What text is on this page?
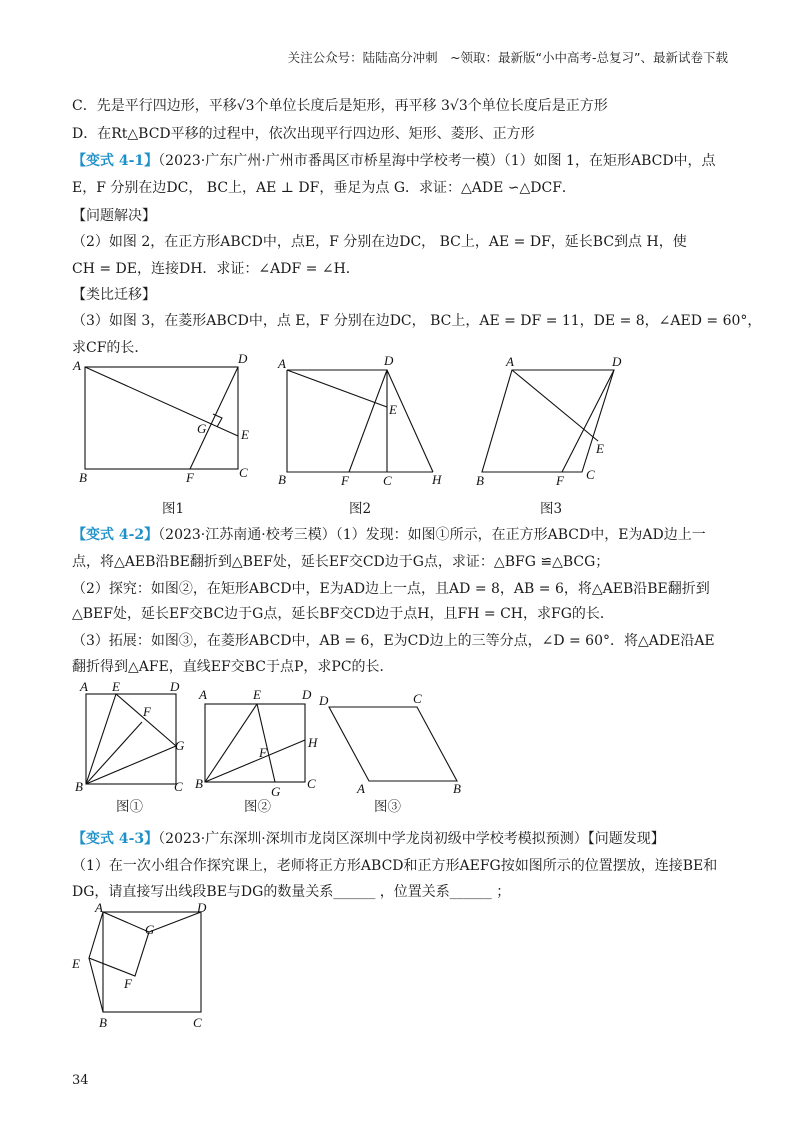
关注公众号：陆陆高分冲刺　~领取：最新版“小中高考-总复习”、最新试卷下载
C．先是平行四边形，平移√3个单位长度后是矩形，再平移 3√3个单位长度后是正方形
D．在Rt△BCD平移的过程中，依次出现平行四边形、矩形、菱形、正方形
【变式 4-1】（2023·广东广州·广州市番禺区市桥星海中学校考一模）（1）如图 1，在矩形ABCD中，点
E，F 分别在边DC， BC上，AE ⊥ DF，垂足为点 G．求证：△ADE ∽△DCF．
【问题解决】
（2）如图 2，在正方形ABCD中，点E，F 分别在边DC， BC上，AE = DF，延长BC到点 H，使
CH = DE，连接DH．求证：∠ADF = ∠H．
【类比迁移】
（3）如图 3，在菱形ABCD中，点 E，F 分别在边DC， BC上，AE = DF = 11，DE = 8，∠AED = 60°，
求CF的长．
A	D
B	C
E
F
G
图1
A	D
B	C
E
F	H
图2
A	D
B	C
E
F
图3
【变式 4-2】（2023·江苏南通·校考三模）（1）发现：如图①所示，在正方形ABCD中，E为AD边上一
点，将△AEB沿BE翻折到△BEF处，延长EF交CD边于G点，求证：△BFG ≌△BCG；
（2）探究：如图②，在矩形ABCD中，E为AD边上一点，且AD = 8，AB = 6，将△AEB沿BE翻折到
△BEF处，延长EF交BC边于G点，延长BF交CD边于点H，且FH = CH，求FG的长．
（3）拓展：如图③，在菱形ABCD中，AB = 6，E为CD边上的三等分点，∠D = 60°．将△ADE沿AE
翻折得到△AFE，直线EF交BC于点P，求PC的长．
A E	D
F
G
B	C
图①
A	E	D
H
F
B
G
C
图②
D	C
A	B
图③
【变式 4-3】（2023·广东深圳·深圳市龙岗区深圳中学龙岗初级中学校考模拟预测）【问题发现】
（1）在一次小组合作探究课上，老师将正方形ABCD和正方形AEFG按如图所示的位置摆放，连接BE和
DG，请直接写出线段BE与DG的数量关系______ ，位置关系______ ；
A	D
G
E
F
B	C
34
